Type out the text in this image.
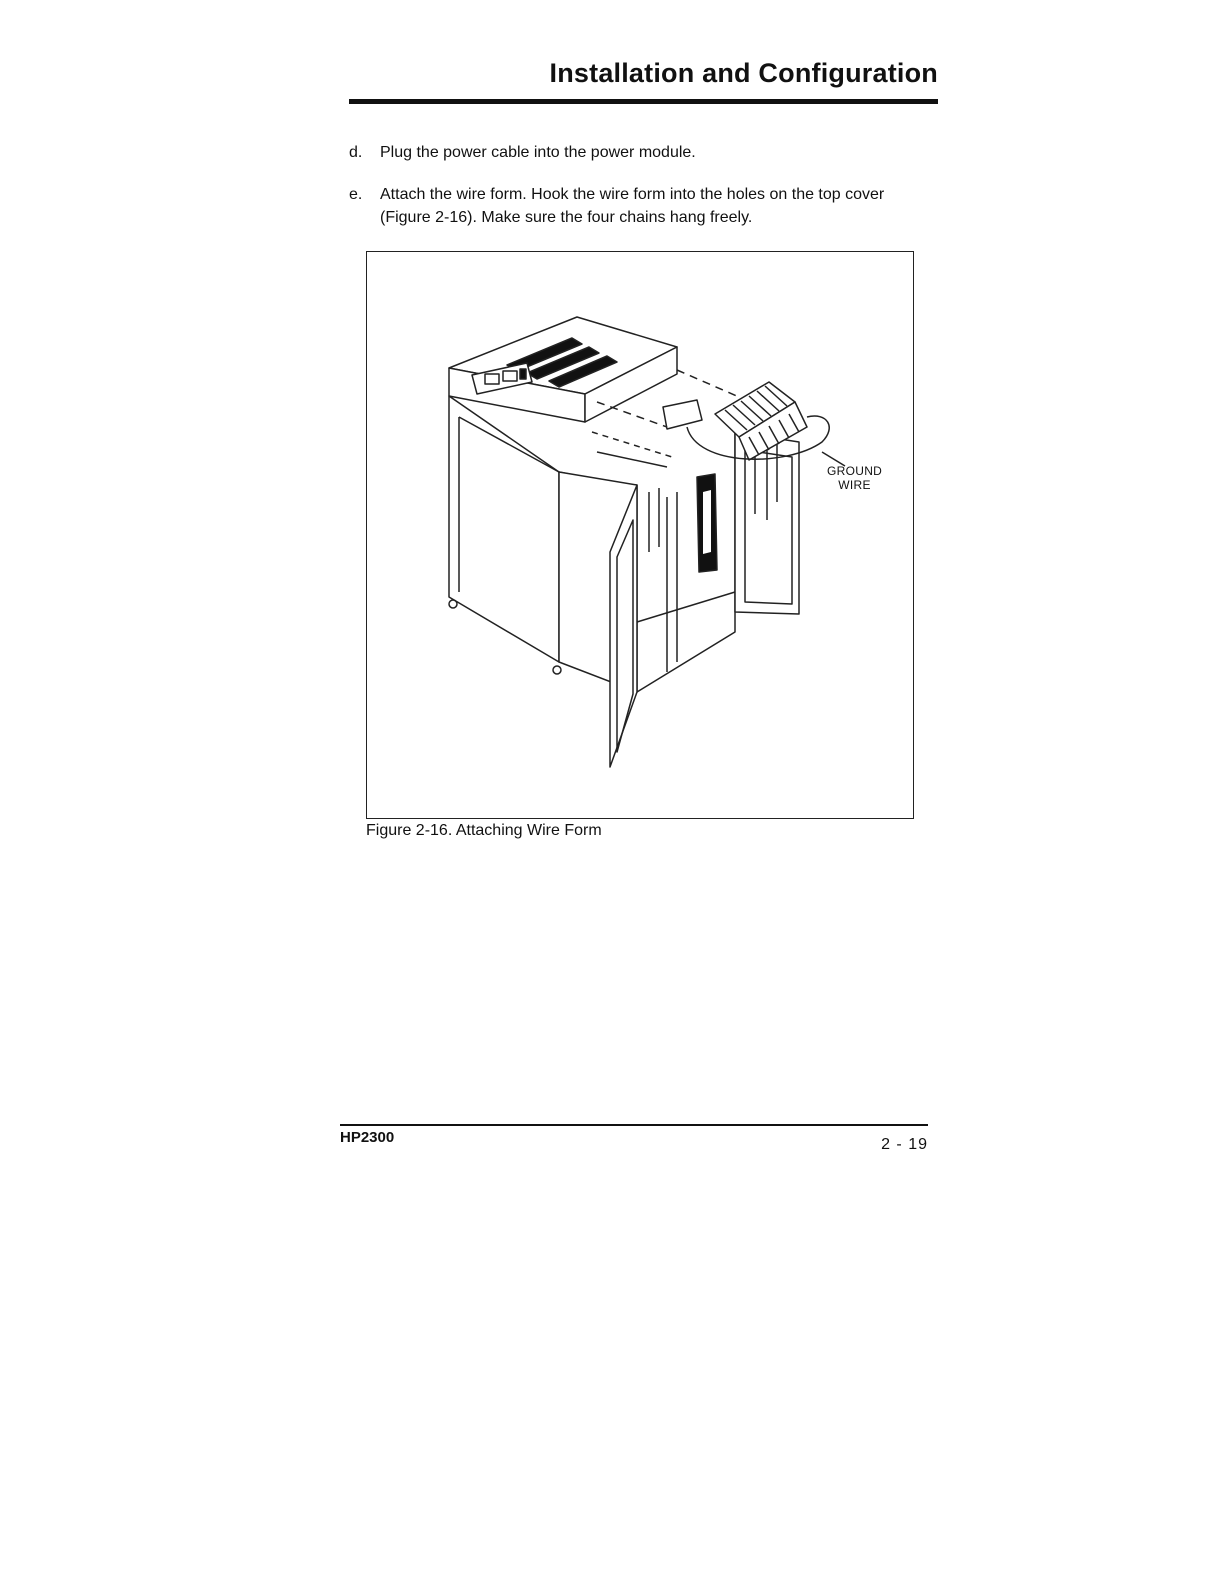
Installation and Configuration
d. Plug the power cable into the power module.
e. Attach the wire form. Hook the wire form into the holes on the top cover (Figure 2-16). Make sure the four chains hang freely.
GROUND
WIRE
Figure 2-16. Attaching Wire Form
HP2300	2 - 19
